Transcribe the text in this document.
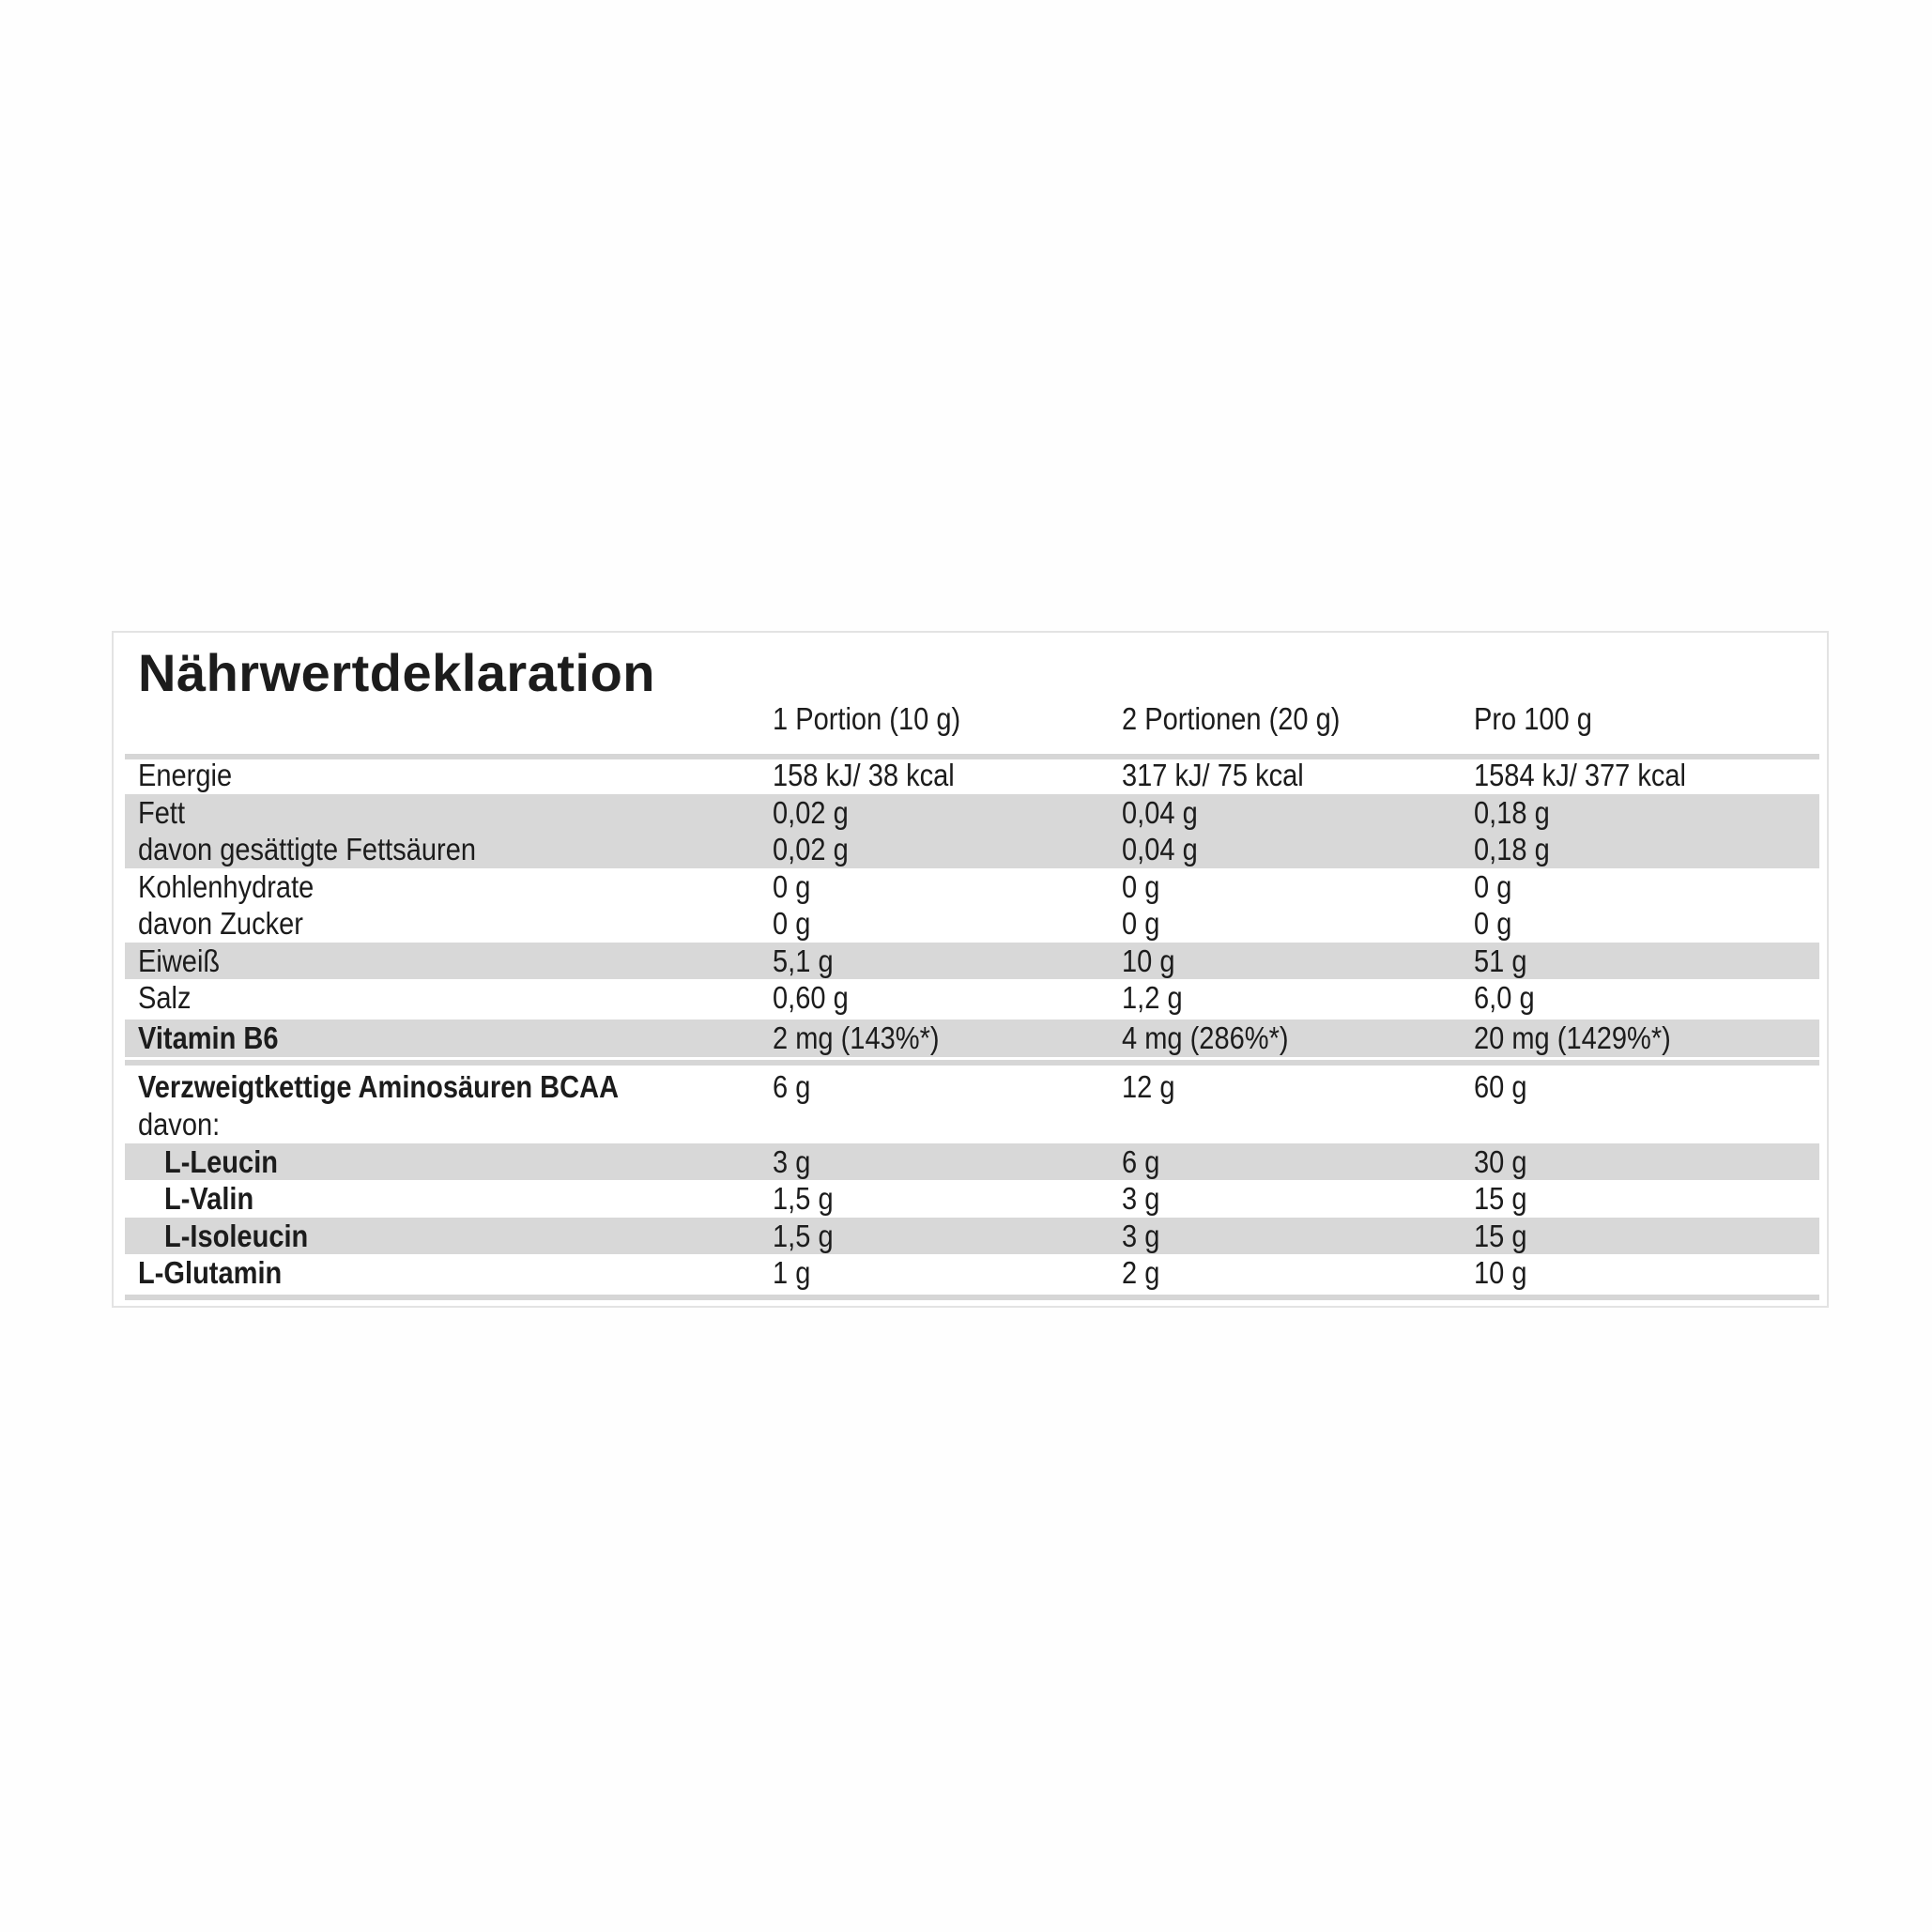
Nährwertdeklaration
1 Portion (10 g)	2 Portionen (20 g)	Pro 100 g
Energie	158 kJ/ 38 kcal	317 kJ/ 75 kcal	1584 kJ/ 377 kcal
Fett	0,02 g	0,04 g	0,18 g
davon gesättigte Fettsäuren	0,02 g	0,04 g	0,18 g
Kohlenhydrate	0 g	0 g	0 g
davon Zucker	0 g	0 g	0 g
Eiweiß	5,1 g	10 g	51 g
Salz	0,60 g	1,2 g	6,0 g
Vitamin B6	2 mg (143%*)	4 mg (286%*)	20 mg (1429%*)
Verzweigtkettige Aminosäuren BCAA	6 g	12 g	60 g
davon:
L-Leucin	3 g	6 g	30 g
L-Valin	1,5 g	3 g	15 g
L-Isoleucin	1,5 g	3 g	15 g
L-Glutamin	1 g	2 g	10 g
